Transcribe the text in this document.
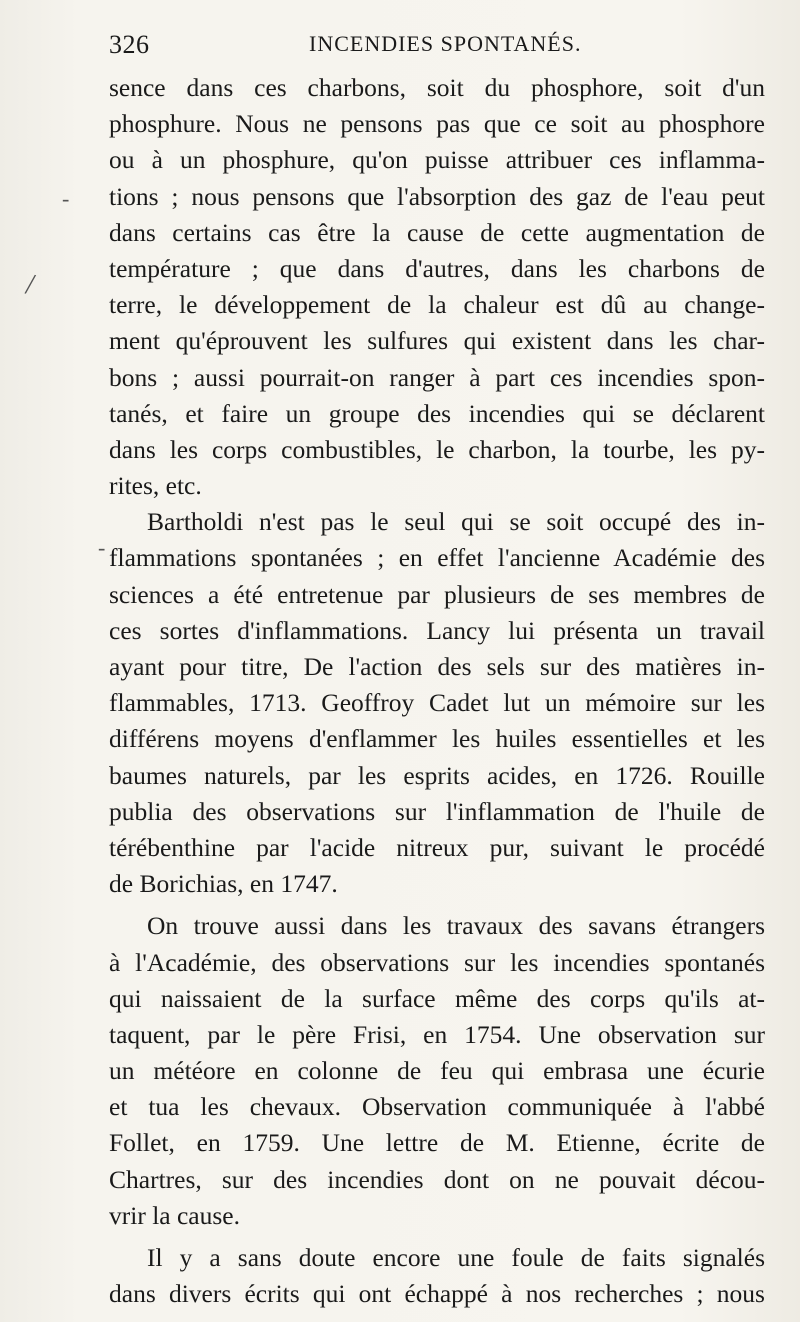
326	INCENDIES SPONTANÉS.
/
-
-
sence dans ces charbons, soit du phosphore, soit d'un
phosphure. Nous ne pensons pas que ce soit au phosphore
ou à un phosphure, qu'on puisse attribuer ces inflamma-
tions ; nous pensons que l'absorption des gaz de l'eau peut
dans certains cas être la cause de cette augmentation de
température ; que dans d'autres, dans les charbons de
terre, le développement de la chaleur est dû au change-
ment qu'éprouvent les sulfures qui existent dans les char-
bons ; aussi pourrait-on ranger à part ces incendies spon-
tanés, et faire un groupe des incendies qui se déclarent
dans les corps combustibles, le charbon, la tourbe, les py-
rites, etc.
Bartholdi n'est pas le seul qui se soit occupé des in-
flammations spontanées ; en effet l'ancienne Académie des
sciences a été entretenue par plusieurs de ses membres de
ces sortes d'inflammations. Lancy lui présenta un travail
ayant pour titre, De l'action des sels sur des matières in-
flammables, 1713. Geoffroy Cadet lut un mémoire sur les
différens moyens d'enflammer les huiles essentielles et les
baumes naturels, par les esprits acides, en 1726. Rouille
publia des observations sur l'inflammation de l'huile de
térébenthine par l'acide nitreux pur, suivant le procédé
de Borichias, en 1747.
On trouve aussi dans les travaux des savans étrangers
à l'Académie, des observations sur les incendies spontanés
qui naissaient de la surface même des corps qu'ils at-
taquent, par le père Frisi, en 1754. Une observation sur
un météore en colonne de feu qui embrasa une écurie
et tua les chevaux. Observation communiquée à l'abbé
Follet, en 1759. Une lettre de M. Etienne, écrite de
Chartres, sur des incendies dont on ne pouvait décou-
vrir la cause.
Il y a sans doute encore une foule de faits signalés
dans divers écrits qui ont échappé à nos recherches ; nous
